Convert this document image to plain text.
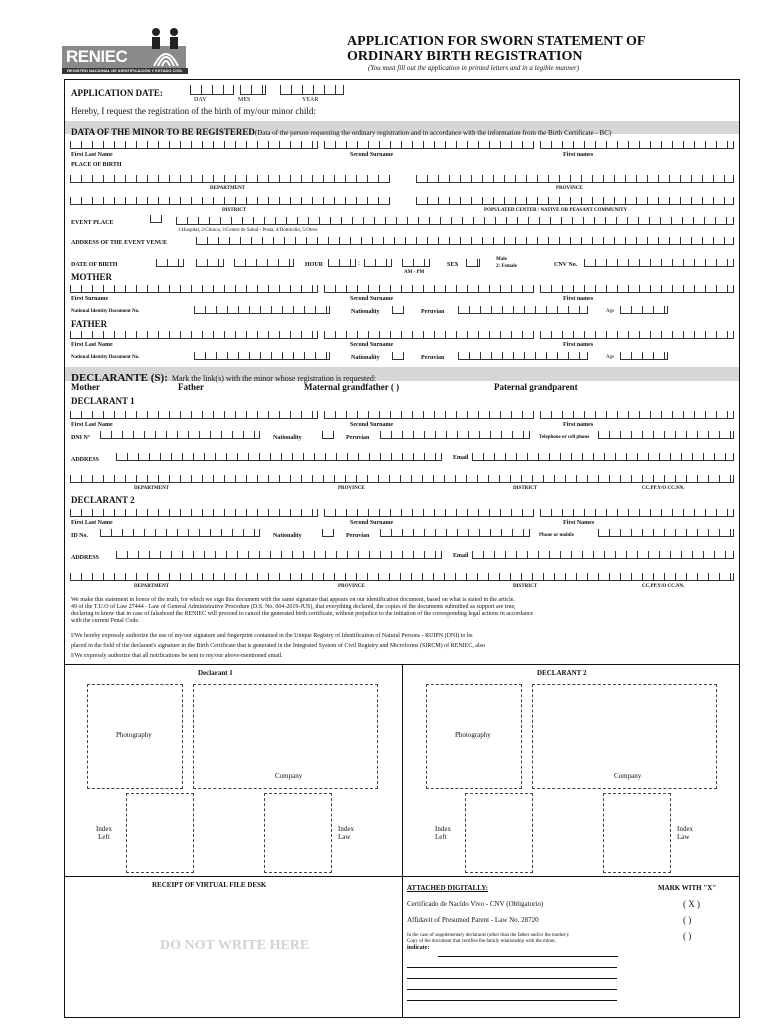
RENIEC
REGISTRO NACIONAL DE IDENTIFICACIÓN Y ESTADO CIVIL
APPLICATION FOR SWORN STATEMENT OF
ORDINARY BIRTH REGISTRATION
(You must fill out the application in printed letters and in a legible manner)
APPLICATION DATE:
DAY	MES	YEAR
Hereby, I request the registration of the birth of my/our minor child:
DATA OF THE MINOR TO BE REGISTERED(Data of the person requesting the ordinary registration and in accordance with the information from the Birth Certificate - BC)
First Last Name	Second Surname	First names
PLACE OF BIRTH
DEPARTMENT	PROVINCE
DISTRICT	POPULATED CENTER / NATIVE OR PEASANT COMMUNITY
EVENT PLACE
1:Hospital, 2:Clinica, 3:Centro de Salud - Posta, 4:Domicilio, 5:Otros
ADDRESS OF THE EVENT VENUE
DATE OF BIRTH	HOUR	:
AM - PM
SEX
Male
2: Female	CNV No.
MOTHER
First Surname	Second Surname	First names
National Identity Document No.	Nationality	Peruvian	Age
FATHER
First Last Name	Second Surname	First names
National Identity Document No.	Nationality	Peruvian	Age
DECLARANTE (S): Mark the link(s) with the minor whose registration is requested:
Mother	Father	Maternal grandfather ( )	Paternal grandparent
DECLARANT 1
First Last Name	Second Surname	First names
DNI N°	Nationality	Peruvian	Telephone or cell phone
ADDRESS	Email
DEPARTMENT	PROVINCE	DISTRICT	CC.PP.Y/O CC.NN.
DECLARANT 2
First Last Name	Second Surname	First Names
ID No.	Nationality	Peruvian	Phone or mobile
ADDRESS	Email
DEPARTMENT	PROVINCE	DISTRICT	CC.PP.Y/O CC.NN.
We make this statement in honor of the truth, for which we sign this document with the same signature that appears on our identification document, based on what is stated in the article.
49 of the T.U.O of Law 27444 - Law of General Administrative Procedure (D.S. No. 004-2019-JUS), that everything declared, the copies of the documents submitted as support are true,
declaring to know that in case of falsehood the RENIEC will proceed to cancel the generated birth certificate, without prejudice to the initiation of the corresponding legal actions in accordance
with the current Penal Code.
I/We hereby expressly authorize the use of my/our signature and fingerprint contained in the Unique Registry of Identification of Natural Persons - RUIPN (DNI) to be
placed in the field of the declarant's signature in the Birth Certificate that is generated in the Integrated System of Civil Registry and Microforms (SIRCM) of RENIEC, also
I/We expressly authorize that all notifications be sent to my/our above-mentioned email.
Declarant 1	DECLARANT 2
Photography
Company
Index
Left
Index
Law
Photography
Company
Index
Left
Index
Law
RECEIPT OF VIRTUAL FILE DESK
DO NOT WRITE HERE
ATTACHED DIGITALLY:	MARK WITH "X"
Certificado de Nacido Vivo - CNV (Obligatorio)	( X )
Affidavit of Presumed Parent - Law No. 28720	( )
In the case of supplementary declarants (other than the father and/or the mother):
Copy of the document that certifies the family relationship with the minor,
indicate:
( )
